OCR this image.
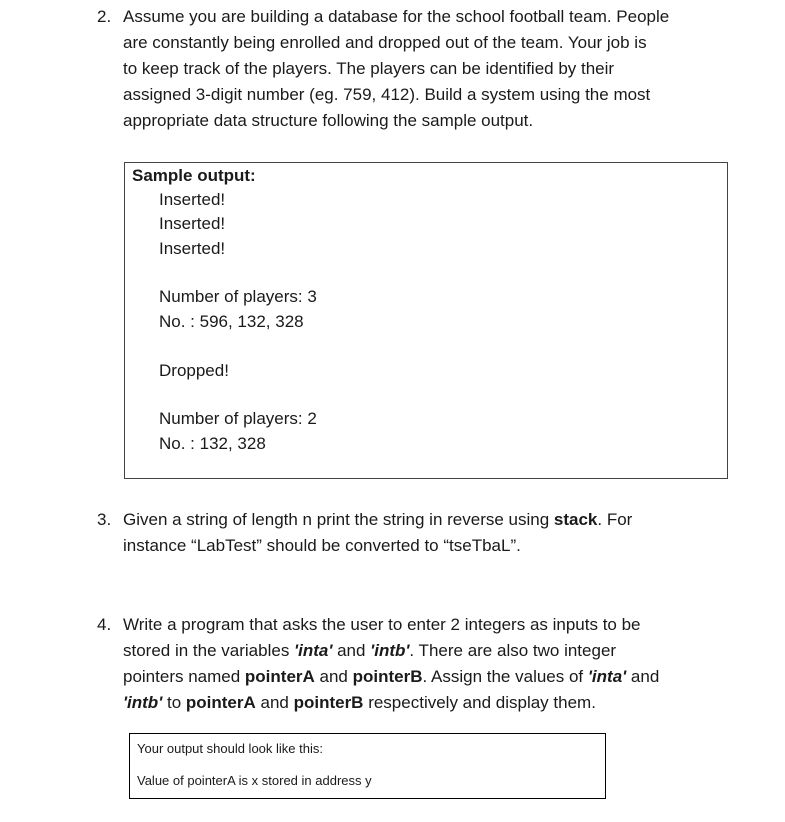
2. Assume you are building a database for the school football team. People
are constantly being enrolled and dropped out of the team. Your job is
to keep track of the players. The players can be identified by their
assigned 3-digit number (eg. 759, 412). Build a system using the most
appropriate data structure following the sample output.
Sample output:
Inserted!
Inserted!
Inserted!
Number of players: 3
No. : 596, 132, 328
Dropped!
Number of players: 2
No. : 132, 328
3. Given a string of length n print the string in reverse using stack. For
instance “LabTest” should be converted to “tseTbaL”.
4. Write a program that asks the user to enter 2 integers as inputs to be
stored in the variables 'inta' and 'intb'. There are also two integer
pointers named pointerA and pointerB. Assign the values of 'inta' and
'intb' to pointerA and pointerB respectively and display them.
Your output should look like this:
Value of pointerA is x stored in address y
